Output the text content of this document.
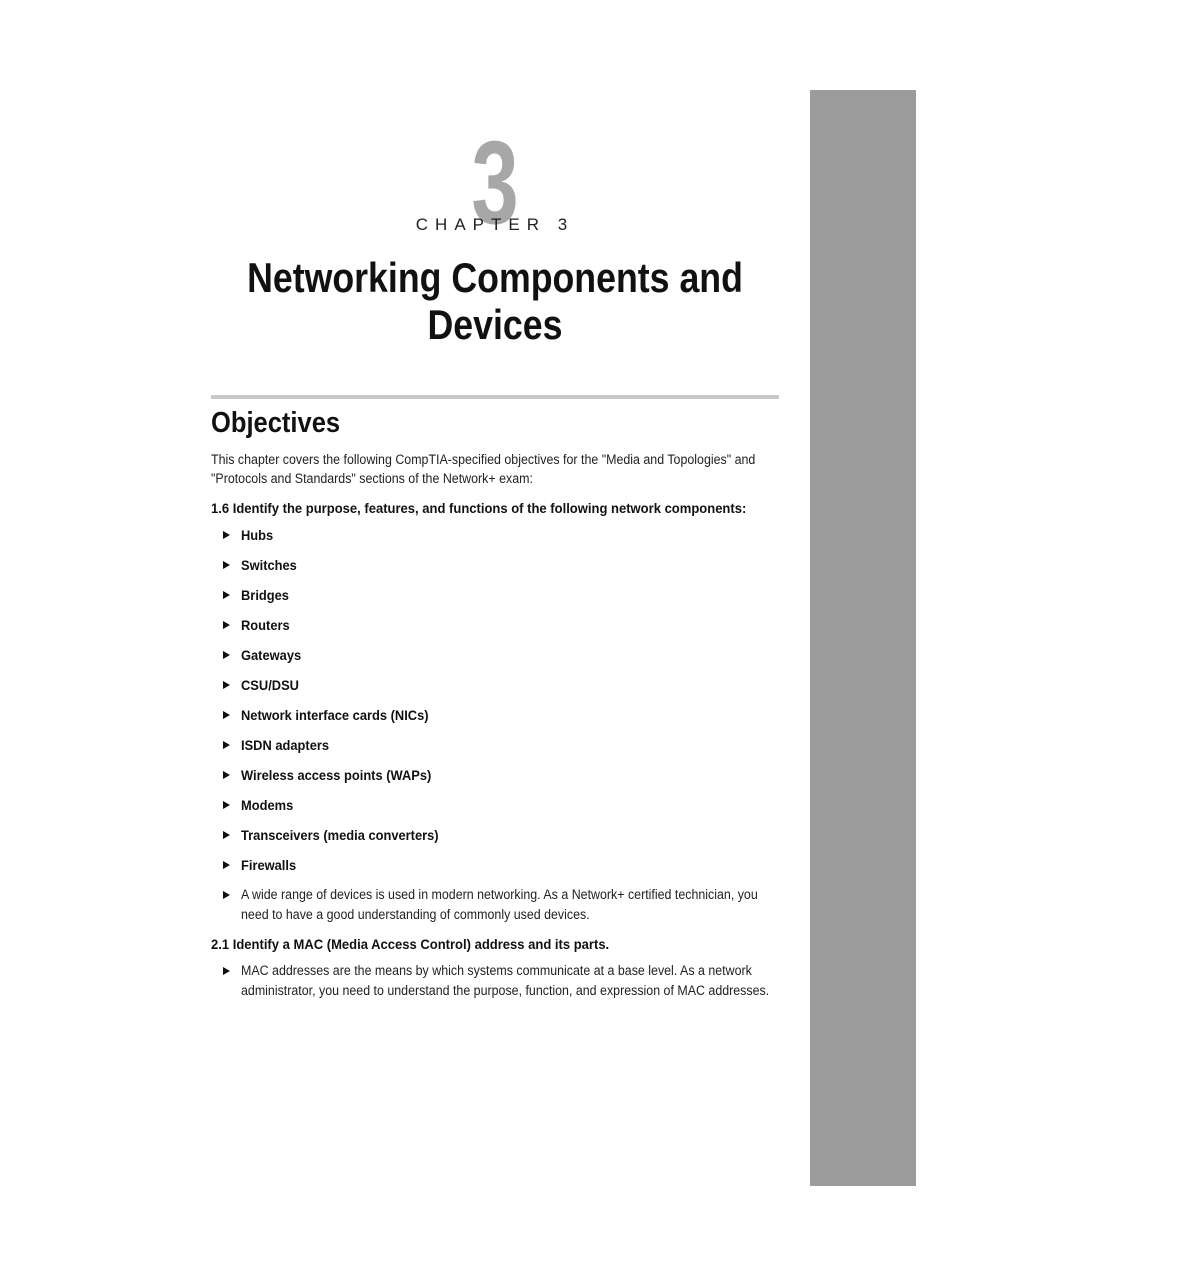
3
CHAPTER 3
Networking Components and Devices
Objectives

This chapter covers the following CompTIA-specified objectives for the "Media and Topologies" and "Protocols and Standards" sections of the Network+ exam:

1.6 Identify the purpose, features, and functions of the following network components:

Hubs
Switches
Bridges
Routers
Gateways
CSU/DSU
Network interface cards (NICs)
ISDN adapters
Wireless access points (WAPs)
Modems
Transceivers (media converters)
Firewalls
A wide range of devices is used in modern networking. As a Network+ certified technician, you need to have a good understanding of commonly used devices.

2.1 Identify a MAC (Media Access Control) address and its parts.

MAC addresses are the means by which systems communicate at a base level. As a network administrator, you need to understand the purpose, function, and expression of MAC addresses.
